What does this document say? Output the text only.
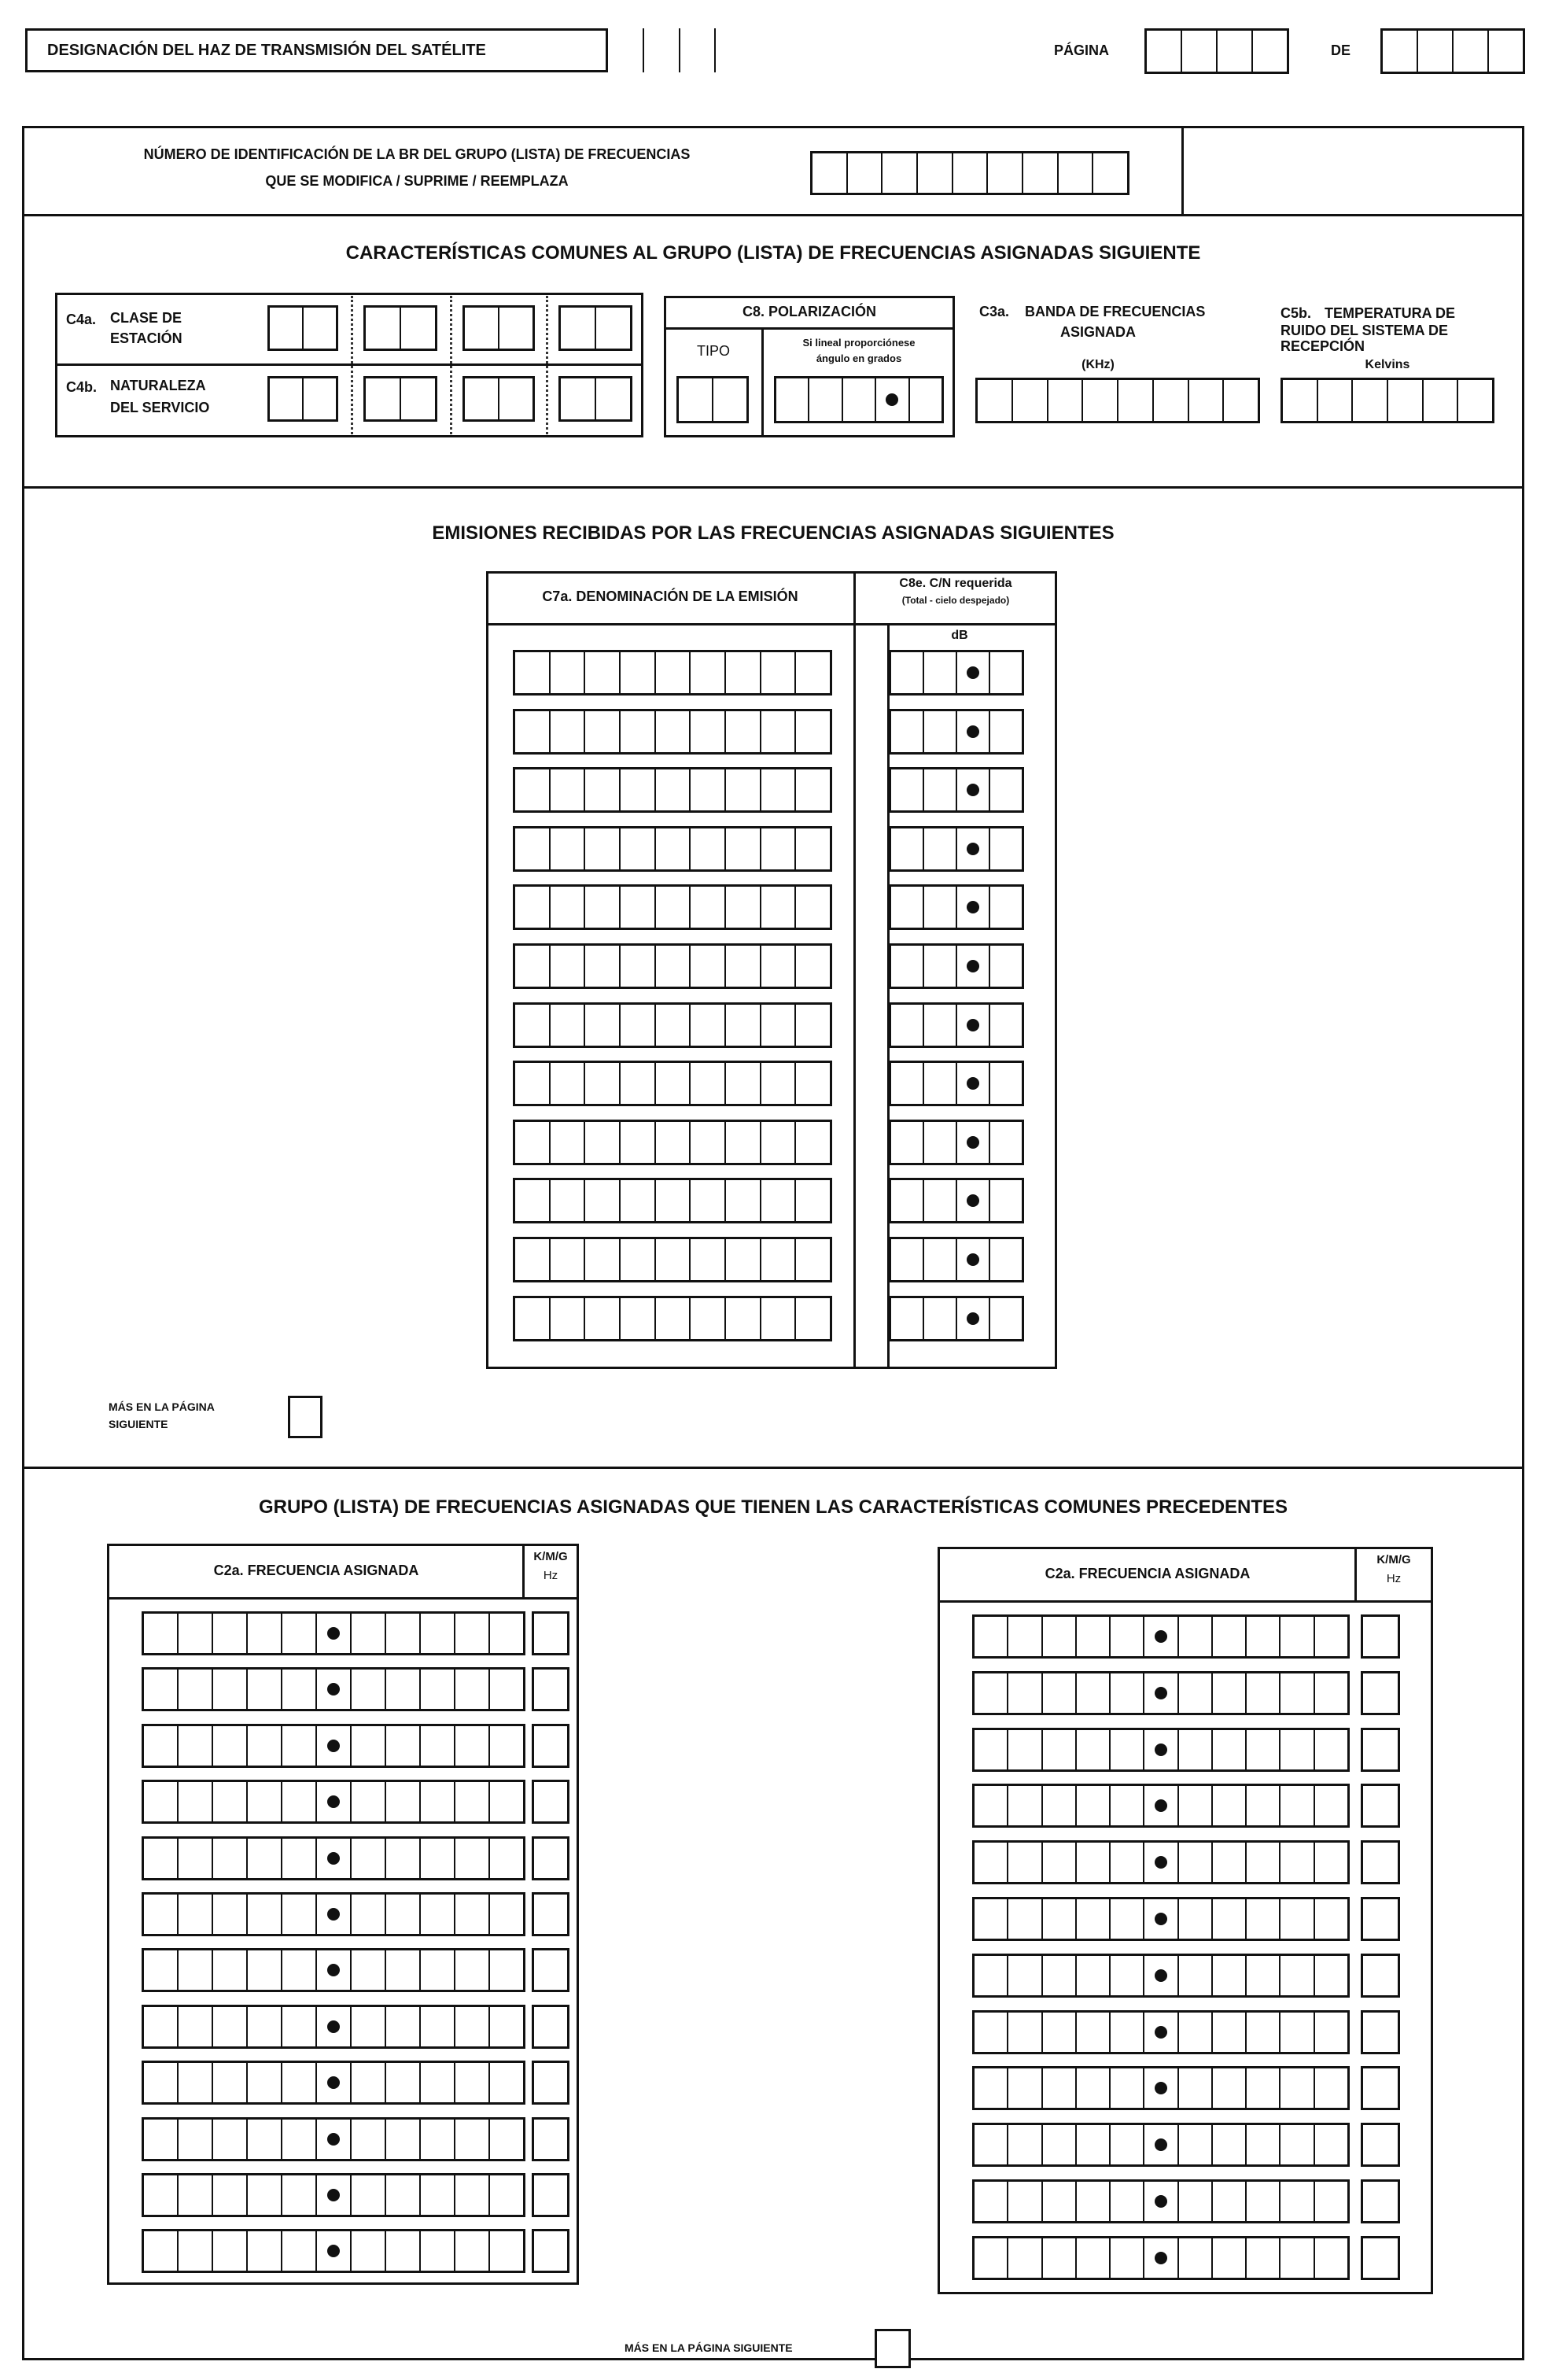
DESIGNACIÓN DEL HAZ DE TRANSMISIÓN DEL SATÉLITE	PÁGINA	DE
NÚMERO DE IDENTIFICACIÓN DE LA BR DEL GRUPO (LISTA) DE FRECUENCIAS
QUE SE MODIFICA / SUPRIME / REEMPLAZA
CARACTERÍSTICAS COMUNES AL GRUPO (LISTA) DE FRECUENCIAS ASIGNADAS SIGUIENTE
C4a. CLASE DE
ESTACIÓN
C4b. NATURALEZA
DEL SERVICIO
C8. POLARIZACIÓN
TIPO
Si lineal proporciónese
ángulo en grados
C3a. BANDA DE FRECUENCIAS
ASIGNADA
(KHz)
C5b. TEMPERATURA DE
RUIDO DEL SISTEMA DE
RECEPCIÓN
Kelvins
EMISIONES RECIBIDAS POR LAS FRECUENCIAS ASIGNADAS SIGUIENTES
C7a. DENOMINACIÓN DE LA EMISIÓN
C8e. C/N requerida
(Total - cielo despejado)
dB
MÁS EN LA PÁGINA
SIGUIENTE
GRUPO (LISTA) DE FRECUENCIAS ASIGNADAS QUE TIENEN LAS CARACTERÍSTICAS COMUNES PRECEDENTES
C2a. FRECUENCIA ASIGNADA
K/M/G
Hz	C2a. FRECUENCIA ASIGNADA
K/M/G
Hz
MÁS EN LA PÁGINA SIGUIENTE
